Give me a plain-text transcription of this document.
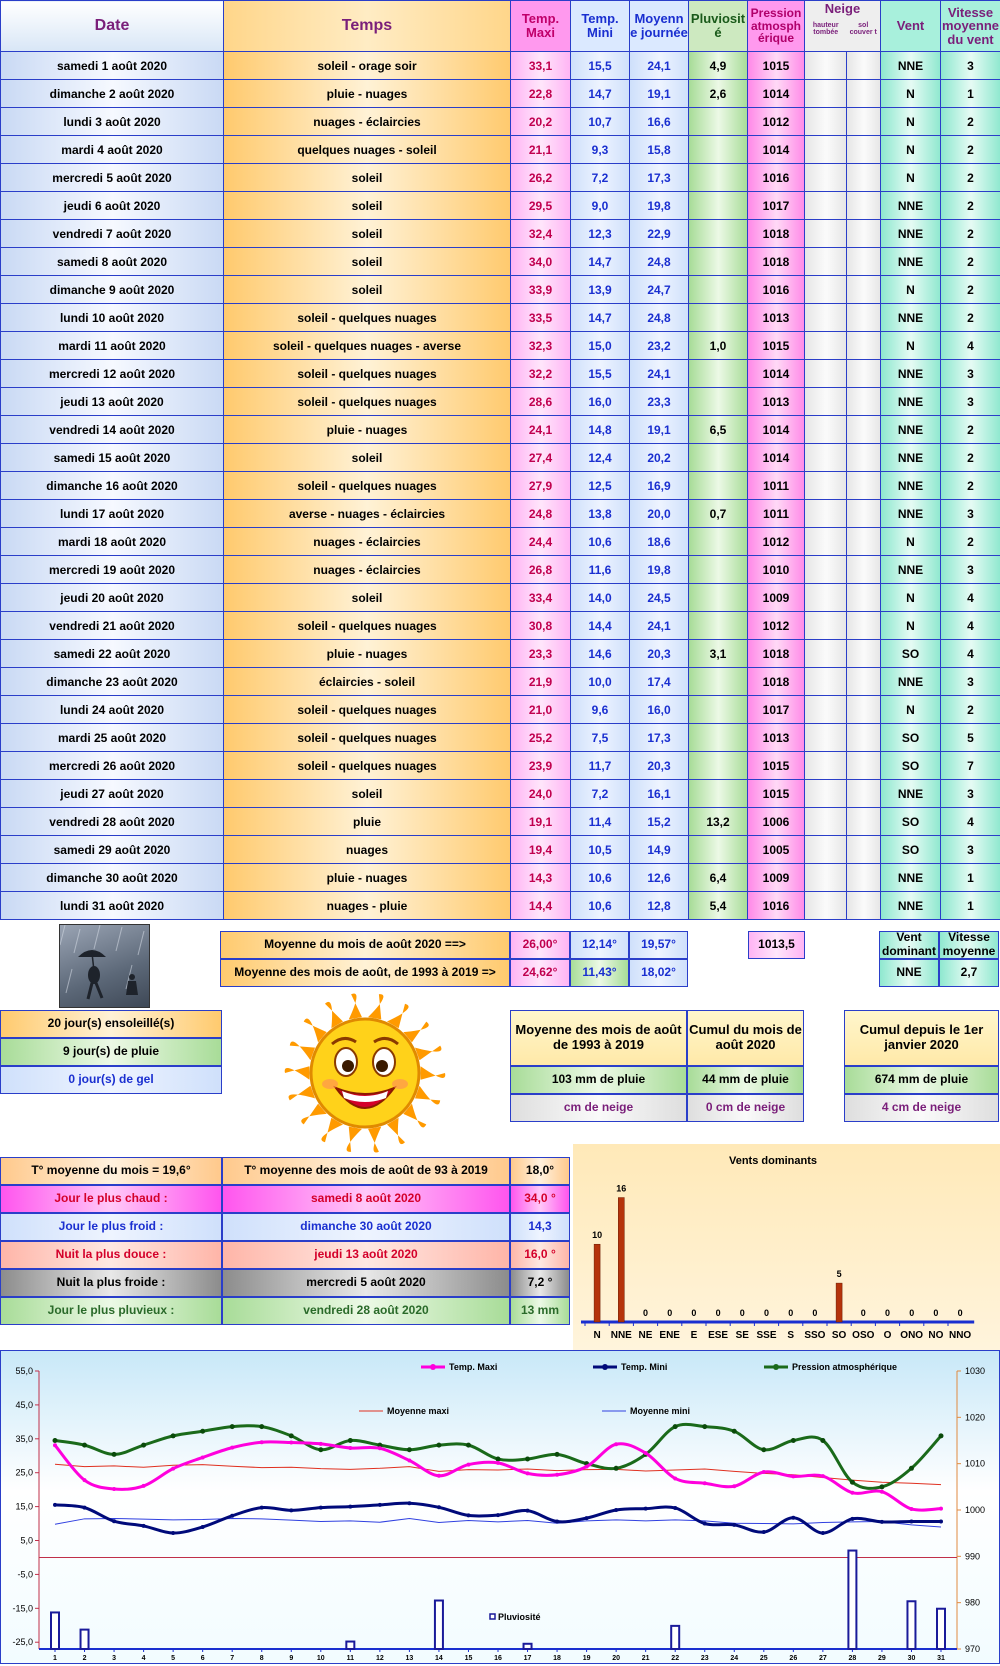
Date	Temps	Temp. Maxi	Temp. Mini	Moyenn e journée	Pluviosit é	Pression atmosph érique	Neige
hauteur tombée
sol couver t		Vent	Vitesse moyenne du vent
samedi 1 août 2020	soleil - orage soir	33,1	15,5	24,1	4,9	1015			NNE	3
dimanche 2 août 2020	pluie - nuages	22,8	14,7	19,1	2,6	1014			N	1
lundi 3 août 2020	nuages - éclaircies	20,2	10,7	16,6		1012			N	2
mardi 4 août 2020	quelques nuages - soleil	21,1	9,3	15,8		1014			N	2
mercredi 5 août 2020	soleil	26,2	7,2	17,3		1016			N	2
jeudi 6 août 2020	soleil	29,5	9,0	19,8		1017			NNE	2
vendredi 7 août 2020	soleil	32,4	12,3	22,9		1018			NNE	2
samedi 8 août 2020	soleil	34,0	14,7	24,8		1018			NNE	2
dimanche 9 août 2020	soleil	33,9	13,9	24,7		1016			N	2
lundi 10 août 2020	soleil - quelques nuages	33,5	14,7	24,8		1013			NNE	2
mardi 11 août 2020	soleil - quelques nuages - averse	32,3	15,0	23,2	1,0	1015			N	4
mercredi 12 août 2020	soleil - quelques nuages	32,2	15,5	24,1		1014			NNE	3
jeudi 13 août 2020	soleil - quelques nuages	28,6	16,0	23,3		1013			NNE	3
vendredi 14 août 2020	pluie - nuages	24,1	14,8	19,1	6,5	1014			NNE	2
samedi 15 août 2020	soleil	27,4	12,4	20,2		1014			NNE	2
dimanche 16 août 2020	soleil - quelques nuages	27,9	12,5	16,9		1011			NNE	2
lundi 17 août 2020	averse - nuages - éclaircies	24,8	13,8	20,0	0,7	1011			NNE	3
mardi 18 août 2020	nuages - éclaircies	24,4	10,6	18,6		1012			N	2
mercredi 19 août 2020	nuages - éclaircies	26,8	11,6	19,8		1010			NNE	3
jeudi 20 août 2020	soleil	33,4	14,0	24,5		1009			N	4
vendredi 21 août 2020	soleil - quelques nuages	30,8	14,4	24,1		1012			N	4
samedi 22 août 2020	pluie - nuages	23,3	14,6	20,3	3,1	1018			SO	4
dimanche 23 août 2020	éclaircies - soleil	21,9	10,0	17,4		1018			NNE	3
lundi 24 août 2020	soleil - quelques nuages	21,0	9,6	16,0		1017			N	2
mardi 25 août 2020	soleil - quelques nuages	25,2	7,5	17,3		1013			SO	5
mercredi 26 août 2020	soleil - quelques nuages	23,9	11,7	20,3		1015			SO	7
jeudi 27 août 2020	soleil	24,0	7,2	16,1		1015			NNE	3
vendredi 28 août 2020	pluie	19,1	11,4	15,2	13,2	1006			SO	4
samedi 29 août 2020	nuages	19,4	10,5	14,9		1005			SO	3
dimanche 30 août 2020	pluie - nuages	14,3	10,6	12,6	6,4	1009			NNE	1
lundi 31 août 2020	nuages - pluie	14,4	10,6	12,8	5,4	1016			NNE	1
Moyenne du mois de août 2020 ==>	26,00°	12,14°	19,57°	1013,5
Moyenne des mois de août, de 1993 à 2019 =>	24,62°	11,43°	18,02°
Vent dominant
Vitesse moyenne
NNE	2,7
20 jour(s) ensoleillé(s)
9 jour(s) de pluie
0 jour(s) de gel
Moyenne des mois de août de 1993 à 2019
Cumul du mois de août 2020
103 mm de pluie	44 mm de pluie
cm de neige	0 cm de neige
Cumul depuis le 1er janvier 2020
674 mm de pluie
4 cm de neige
T° moyenne du mois = 19,6°	T° moyenne des mois de août de 93 à 2019	18,0°
Jour le plus chaud :	samedi 8 août 2020	34,0 °
Jour le plus froid :	dimanche 30 août 2020	14,3
Nuit la plus douce :	jeudi 13 août 2020	16,0 °
Nuit la plus froide :	mercredi 5 août 2020	7,2 °
Jour le plus pluvieux :	vendredi 28 août 2020	13 mm
Vents dominants
10
N
16
NNE
0
NE
0
ENE
0
E
0
ESE
0
SE
0
SSE
0
S
0
SSO
5
SO
0
OSO
0
O
0
ONO
0
NO
0
NNO
55,0
45,0
35,0
25,0
15,0
5,0
-5,0
-15,0
-25,0
1030
1020
1010
1000
990
980
970
1	2	3	4	5	6	7	8	9	10	11	12	13	14	15	16	17	18	19	20	21	22	23	24	25	26	27	28	29	30	31
Temp. Maxi	Temp. Mini	Pression atmosphérique
Moyenne maxi	Moyenne mini
Pluviosité
